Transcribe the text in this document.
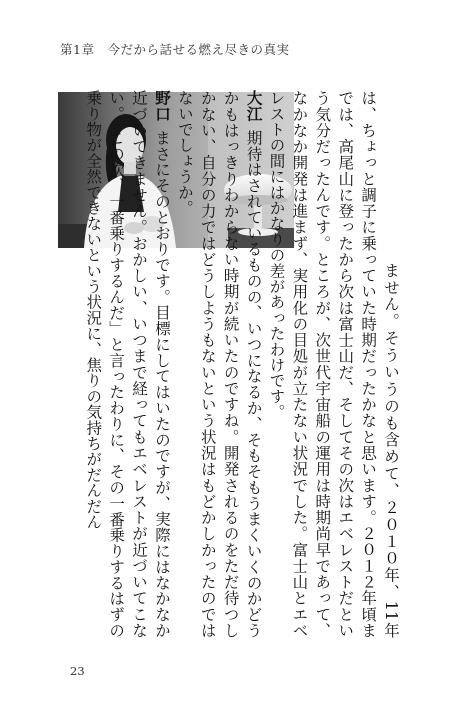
第1章　今だから話せる燃え尽きの真実

ません。そういうのも含めて、２０１０年、11年は、ちょっと調子に乗っていた時期だったかなと思います。２０１２年頃までは、高尾山に登ったから次は富士山だ、そしてその次はエベレストだという気分だったんです。ところが、次世代宇宙船の運用は時期尚早であって、なかなか開発は進まず、実用化の目処が立たない状況でした。富士山とエベレストの間にはかなりの差があったわけです。

大江期待はされているものの、いつになるか、そもそもうまくいくのかどうかもはっきりわからない時期が続いたのですね。開発されるのをただ待つしかない、自分の力ではどうしようもないという状況はもどかしかったのではないでしょうか。

野口まさにそのとおりです。目標にしてはいたのですが、実際にはなかなか近づいてきません。おかしい、いつまで経ってもエベレストが近づいてこない。「この次、一番乗りするんだ」と言ったわりに、その一番乗りするはずの乗り物が全然できないという状況に、焦りの気持ちがだんだん

23
